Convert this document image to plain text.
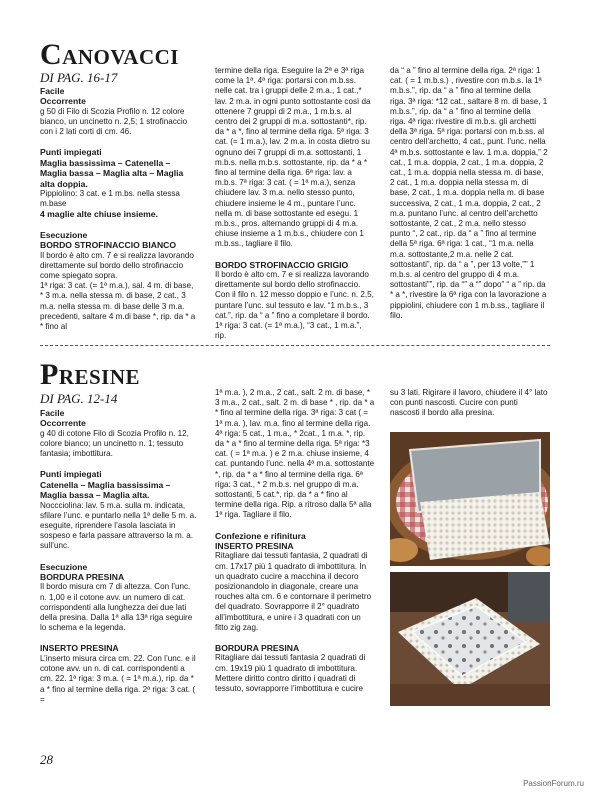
CANOVACCI
DI PAG. 16-17
Facile
Occorrente

g 50 di Filo di Scozia Profilo n. 12 colore bianco, un uncinetto n. 2,5; 1 strofinaccio con i 2 lati corti di cm. 46.

Punti impiegati
Maglia bassissima – Catenella – Maglia bassa – Maglia alta – Maglia alta doppia.

Pippiolino: 3 cat. e 1 m.bs. nella stessa m.base

4 maglie alte chiuse insieme.
Esecuzione
BORDO STROFINACCIO BIANCO

Il bordo è alto cm. 7 e si realizza lavorando direttamente sul bordo dello strofinaccio come spiegato sopra.

1ª riga: 3 cat. (= 1ª m.a.), sal. 4 m. di base, * 3 m.a. nella stessa m. di base, 2 cat., 3 m.a. nella stessa m. di base delle 3 m.a. precedenti, saltare 4 m.di base *, rip. da * a * fino al

termine della riga. Eseguire la 2ª e 3ª riga come la 1ª. 4ª riga: portarsi con m.b.ss. nelle cat. tra i gruppi delle 2 m.a., 1 cat.,* lav. 2 m.a. in ogni punto sottostante così da ottenere 7 gruppi di 2 m.a., 1 m.b.s. al centro dei 2 gruppi di m.a. sottostanti*, rip. da * a *, fino al termine della riga. 5ª riga: 3 cat. (= 1 m.a.), lav. 2 m.a. in costa dietro su ognuno dei 7 gruppi di m.a. sottostanti, 1 m.b.s. nella m.b.s. sottostante, rip. da * a * fino al termine della riga. 6ª riga: lav. a m.b.s. 7ª riga: 3 cat. ( = 1ª m.a.), senza chiudere lav. 3 m.a. nello stesso punto, chiudere insieme le 4 m., puntare l’unc. nella m. di base sottostante ed esegu. 1 m.b.s., pros. alternando gruppi di 4 m.a. chiuse insieme a 1 m.b.s., chiudere con 1 m.b.ss., tagliare il filo.

BORDO STROFINACCIO GRIGIO

Il bordo è alto cm. 7 e si realizza lavorando direttamente sul bordo dello strofinaccio. Con il filo n. 12 messo doppio e l’unc. n. 2,5, puntare l’unc. sul tessuto e lav. “1 m.b.s., 3 cat.”, rip. da “ a ” fino a completare il bordo. 1ª riga: 3 cat. (= 1ª m.a.), “3 cat., 1 m.a.”, rip.

da “ a ” fino al termine della riga. 2ª riga: 1 cat. ( = 1 m.b.s.) , rivestire con m.b.s. la 1ª m.b.s.”, rip. da “ a ” fino al termine della riga. 3ª riga: *12 cat., saltare 8 m. di base, 1 m.b.s.”, rip. da “ a ” fino al termine della riga. 4ª riga: rivestire di m.b.s. gli archetti della 3ª riga. 5ª riga: portarsi con m.b.ss. al centro dell’archetto, 4 cat., punt. l’unc. nella 4ª m.b.s. sottostante e lav. 1 m.a. doppia,” 2 cat., 1 m.a. doppia, 2 cat., 1 m.a. doppia, 2 cat., 1 m.a. doppia nella stessa m. di base, 2 cat., 1 m.a. doppia nella stessa m. di base, 2 cat., 1 m.a. doppia nella m. di base successiva, 2 cat., 1 m.a. doppia, 2 cat., 2 m.a. puntano l’unc. al centro dell’archetto sottostante, 2 cat., 2 m.a. nello stesso punto “, 2 cat., rip. da “ a ” fino al termine della 5ª riga. 6ª riga: 1 cat., “1 m.a. nella m.a. sottostante,2 m.a. nelle 2 cat. sottostanti”, rip. da “ a ”, per 13 volte,”” 1 m.b.s. al centro del gruppo di 4 m.a. sottostanti””, rip. da “” a “” dopo” “ a ” rip. da * a *, rivestire la 6ª riga con la lavorazione a pippiolini, chiudere con 1 m.b.ss., tagliare il filo.

PRESINE
DI PAG. 12-14
Facile
Occorrente

g 40 di cotone Filo di Scozia Profilo n. 12, colore bianco; un uncinetto n. 1; tessuto fantasia; imbottitura.

Punti impiegati
Catenella – Maglia bassissima – Maglia bassa – Maglia alta.

Noccciolina: lav. 5 m.a. sulla m. indicata, sfilare l’unc. e puntarlo nella 1ª delle 5 m. a. eseguite, riprendere l’asola lasciata in sospeso e farla passare attraverso la m. a. sull’unc.

Esecuzione
BORDURA PRESINA

Il bordo misura cm 7 di altezza. Con l’unc. n. 1,00 e il cotone avv. un numero di cat. corrispondenti alla lunghezza dei due lati della presina. Dalla 1ª alla 13ª riga seguire lo schema e la legenda.

INSERTO PRESINA

L’inserto misura circa cm. 22. Con l’unc. e il cotone avv. un n. di cat. corrispondenti a cm. 22. 1ª riga: 3 m.a. ( = 1ª m.a.), rip. da * a * fino al termine della riga. 2ª riga: 3 cat. ( =

1ª m.a. ), 2 m.a., 2 cat., salt. 2 m. di base, * 3 m.a., 2 cat., salt. 2 m. di base * , rip. da * a * fino al termine della riga. 3ª riga: 3 cat ( = 1ª m.a. ), lav. m.a. fino al termine della riga. 4ª riga: 5 cat., 1 m.a., * 2cat., 1 m.a. *, rip. da * a * fino al termine della riga. 5ª riga: *3 cat. ( = 1ª m.a. ) e 2 m.a. chiuse insieme, 4 cat. puntando l’unc. nella 4ª m.a. sottostante *, rip. da * a * fino al termine della riga. 6ª riga: 3 cat., * 2 m.b.s. nel gruppo di m.a. sottostanti, 5 cat.*, rip. da * a * fino al termine della riga. Rip. a ritroso dalla 5ª alla 1ª riga. Tagliare il filo.

Confezione e rifinitura
INSERTO PRESINA

Ritagliare dai tessuti fantasia, 2 quadrati di cm. 17x17 più 1 quadrato di imbottitura. In un quadrato cucire a macchina il decoro posizionandolo in diagonale, creare una rouches alta cm. 6 e contornare il perimetro del quadrato. Sovrapporre il 2° quadrato all’imbottitura, e unire i 3 quadrati con un fitto zig zag.

BORDURA PRESINA

Ritagliare dai tessuti fantasia 2 quadrati di cm. 19x19 più 1 quadrato di imbottitura. Mettere diritto contro diritto i quadrati di tessuto, sovrapporre l’imbottitura e cucire

su 3 lati. Rigirare il lavoro, chiudere il 4° lato con punti nascosti. Cucire con punti nascosti il bordo alla presina.

28
PassionForum.ru
